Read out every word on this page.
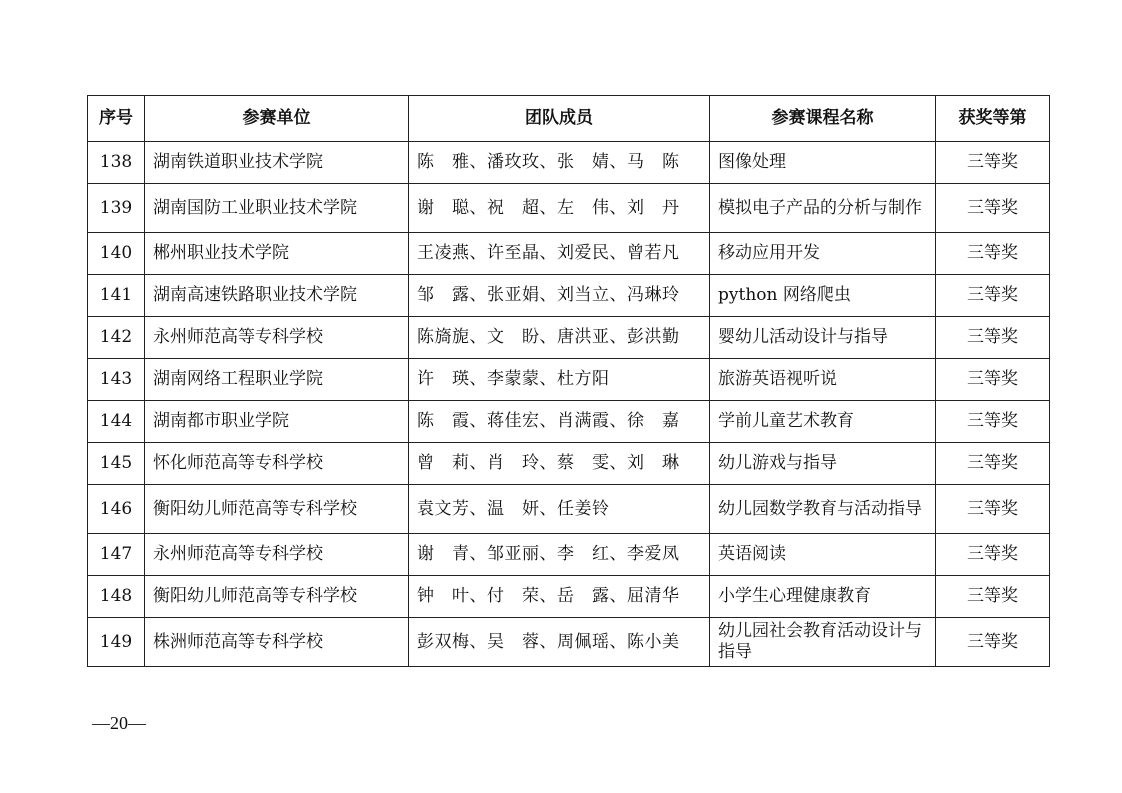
序号	参赛单位	团队成员	参赛课程名称	获奖等第
138	湖南铁道职业技术学院	陈　雅、潘玫玫、张　婧、马　陈	图像处理	三等奖
139	湖南国防工业职业技术学院	谢　聪、祝　超、左　伟、刘　丹	模拟电子产品的分析与制作	三等奖
140	郴州职业技术学院	王凌燕、许至晶、刘爱民、曾若凡	移动应用开发	三等奖
141	湖南高速铁路职业技术学院	邹　露、张亚娟、刘当立、冯琳玲	python 网络爬虫	三等奖
142	永州师范高等专科学校	陈旖旎、文　盼、唐洪亚、彭洪勤	婴幼儿活动设计与指导	三等奖
143	湖南网络工程职业学院	许　瑛、李蒙蒙、杜方阳	旅游英语视听说	三等奖
144	湖南都市职业学院	陈　霞、蒋佳宏、肖满霞、徐　嘉	学前儿童艺术教育	三等奖
145	怀化师范高等专科学校	曾　莉、肖　玲、蔡　雯、刘　琳	幼儿游戏与指导	三等奖
146	衡阳幼儿师范高等专科学校	袁文芳、温　妍、任姜铃	幼儿园数学教育与活动指导	三等奖
147	永州师范高等专科学校	谢　青、邹亚丽、李　红、李爱凤	英语阅读	三等奖
148	衡阳幼儿师范高等专科学校	钟　叶、付　荣、岳　露、屈清华	小学生心理健康教育	三等奖
149	株洲师范高等专科学校	彭双梅、吴　蓉、周佩瑶、陈小美	幼儿园社会教育活动设计与指导	三等奖
—20—
